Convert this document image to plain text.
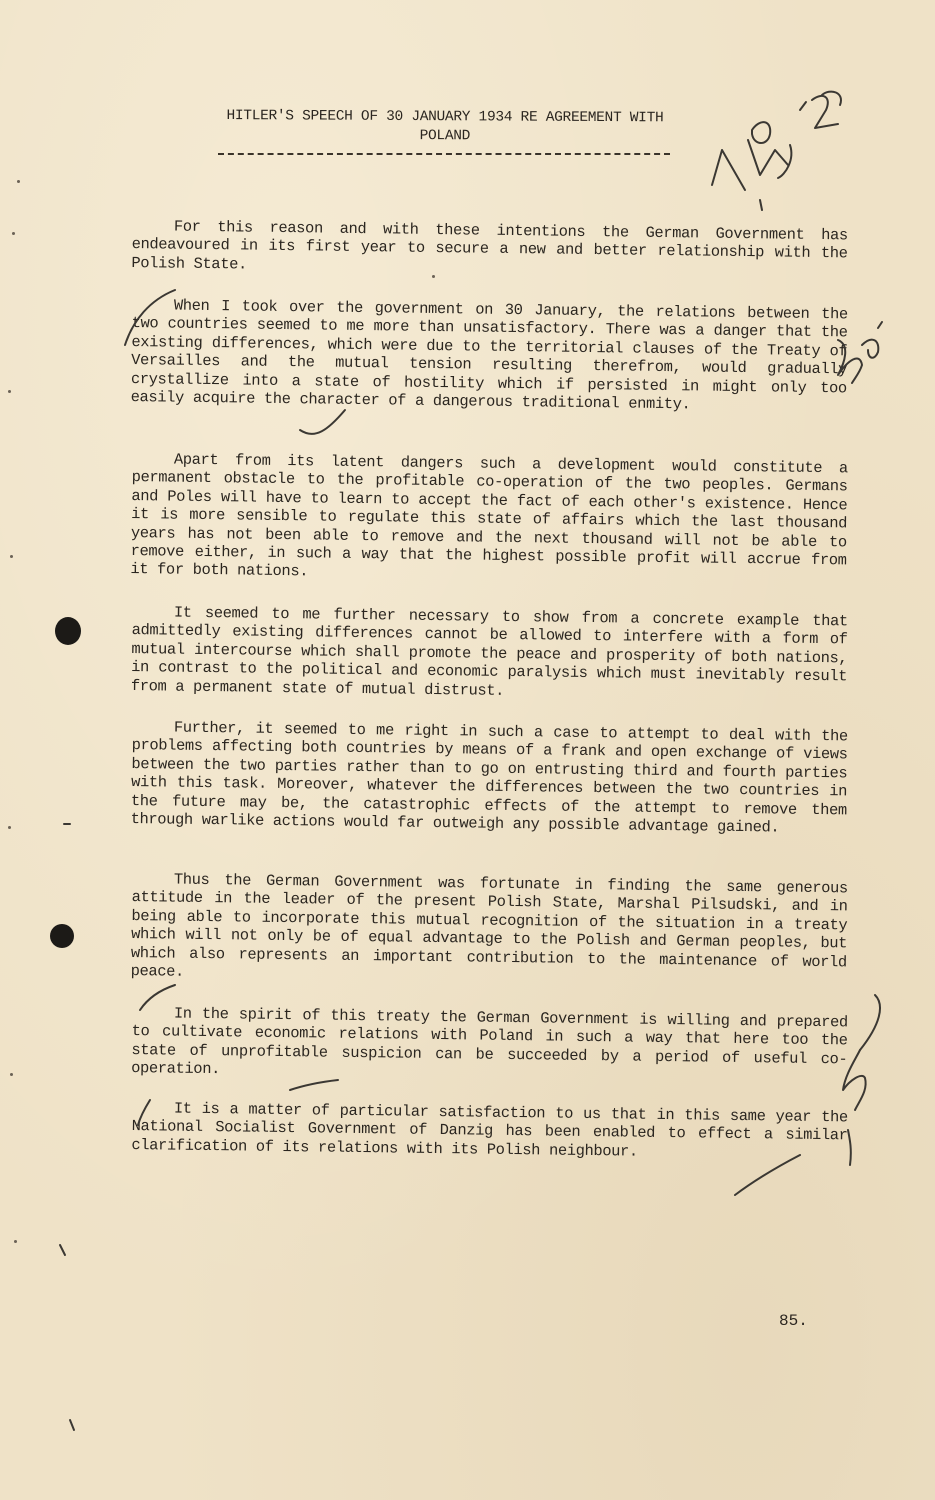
HITLER'S SPEECH OF 30 JANUARY 1934 RE AGREEMENT WITH POLAND
For this reason and with these intentions the German Government has endeavoured in its first year to secure a new and better relationship with the Polish State.
When I took over the government on 30 January, the relations between the two countries seemed to me more than unsatisfactory. There was a danger that the existing differences, which were due to the territorial clauses of the Treaty of Versailles and the mutual tension resulting therefrom, would gradually crystallize into a state of hostility which if persisted in might only too easily acquire the character of a dangerous traditional enmity.
Apart from its latent dangers such a development would constitute a permanent obstacle to the profitable co-operation of the two peoples. Germans and Poles will have to learn to accept the fact of each other's existence. Hence it is more sensible to regulate this state of affairs which the last thousand years has not been able to remove and the next thousand will not be able to remove either, in such a way that the highest possible profit will accrue from it for both nations.
It seemed to me further necessary to show from a concrete example that admittedly existing differences cannot be allowed to interfere with a form of mutual intercourse which shall promote the peace and prosperity of both nations, in contrast to the political and economic paralysis which must inevitably result from a permanent state of mutual distrust.
Further, it seemed to me right in such a case to attempt to deal with the problems affecting both countries by means of a frank and open exchange of views between the two parties rather than to go on entrusting third and fourth parties with this task. Moreover, whatever the differences between the two countries in the future may be, the catastrophic effects of the attempt to remove them through warlike actions would far outweigh any possible advantage gained.
Thus the German Government was fortunate in finding the same generous attitude in the leader of the present Polish State, Marshal Pilsudski, and in being able to incorporate this mutual recognition of the situation in a treaty which will not only be of equal advantage to the Polish and German peoples, but which also represents an important contribution to the maintenance of world peace.
In the spirit of this treaty the German Government is willing and prepared to cultivate economic relations with Poland in such a way that here too the state of unprofitable suspicion can be succeeded by a period of useful co-operation.
It is a matter of particular satisfaction to us that in this same year the National Socialist Government of Danzig has been enabled to effect a similar clarification of its relations with its Polish neighbour.
85.
